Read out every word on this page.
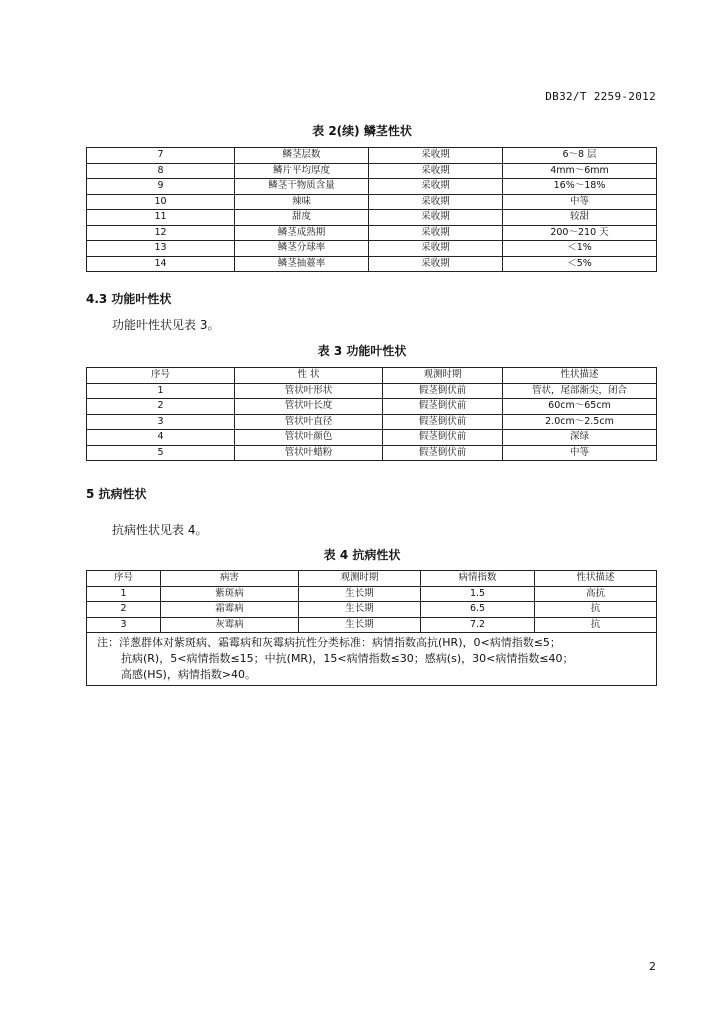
DB32/T 2259-2012
表 2(续) 鳞茎性状
7	鳞茎层数	采收期	6～8 层
8	鳞片平均厚度	采收期	4mm～6mm
9	鳞茎干物质含量	采收期	16%～18%
10	辣味	采收期	中等
11	甜度	采收期	较甜
12	鳞茎成熟期	采收期	200～210 天
13	鳞茎分球率	采收期	＜1%
14	鳞茎抽薹率	采收期	＜5%
4.3 功能叶性状
功能叶性状见表 3。
表 3 功能叶性状
序号	性 状	观测时期	性状描述
1	管状叶形状	假茎倒伏前	管状，尾部渐尖，闭合
2	管状叶长度	假茎倒伏前	60cm～65cm
3	管状叶直径	假茎倒伏前	2.0cm～2.5cm
4	管状叶颜色	假茎倒伏前	深绿
5	管状叶蜡粉	假茎倒伏前	中等
5 抗病性状
抗病性状见表 4。
表 4 抗病性状
序号	病害	观测时期	病情指数	性状描述
1	紫斑病	生长期	1.5	高抗
2	霜霉病	生长期	6.5	抗
3	灰霉病	生长期	7.2	抗

注：洋葱群体对紫斑病、霜霉病和灰霉病抗性分类标准：病情指数高抗(HR)，0<病情指数≤5；
抗病(R)，5<病情指数≤15；中抗(MR)，15<病情指数≤30；感病(s)，30<病情指数≤40；
高感(HS)，病情指数>40。				
2
